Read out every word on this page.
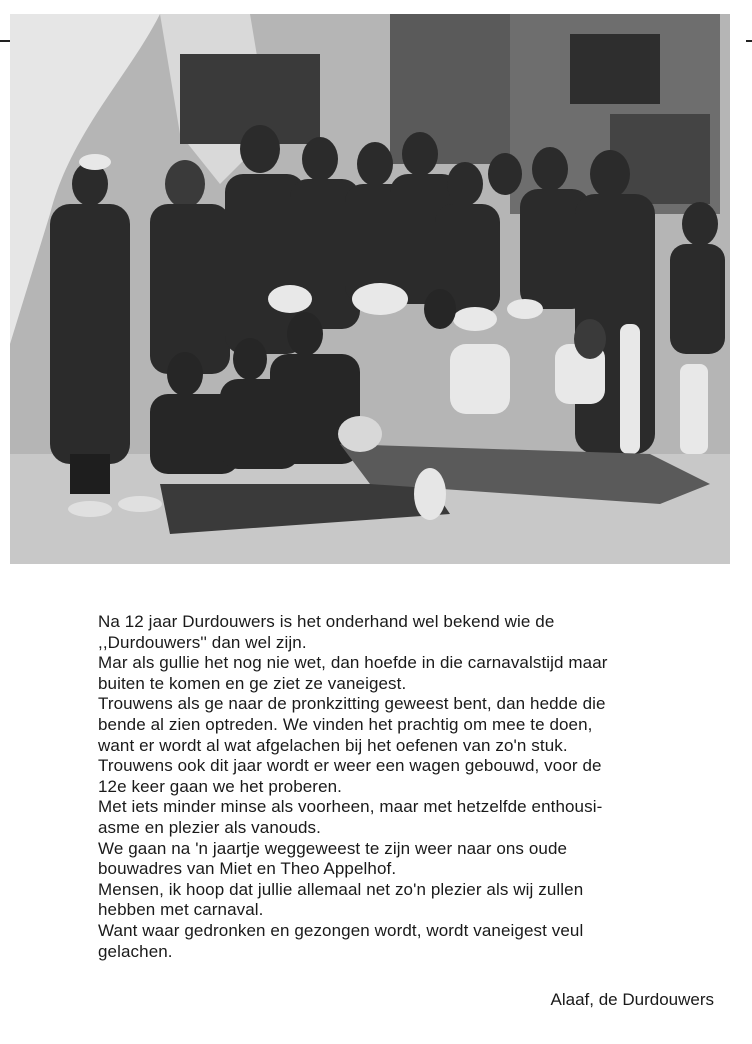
Na 12 jaar Durdouwers is het onderhand wel bekend wie de
,,Durdouwers'' dan wel zijn.

Mar als gullie het nog nie wet, dan hoefde in die carnavalstijd maar
buiten te komen en ge ziet ze vaneigest.

Trouwens als ge naar de pronkzitting geweest bent, dan hedde die
bende al zien optreden. We vinden het prachtig om mee te doen,
want er wordt al wat afgelachen bij het oefenen van zo'n stuk.

Trouwens ook dit jaar wordt er weer een wagen gebouwd, voor de
12e keer gaan we het proberen.

Met iets minder minse als voorheen, maar met hetzelfde enthousi-
asme en plezier als vanouds.

We gaan na 'n jaartje weggeweest te zijn weer naar ons oude
bouwadres van Miet en Theo Appelhof.

Mensen, ik hoop dat jullie allemaal net zo'n plezier als wij zullen
hebben met carnaval.

Want waar gedronken en gezongen wordt, wordt vaneigest veul
gelachen.

Alaaf, de Durdouwers
